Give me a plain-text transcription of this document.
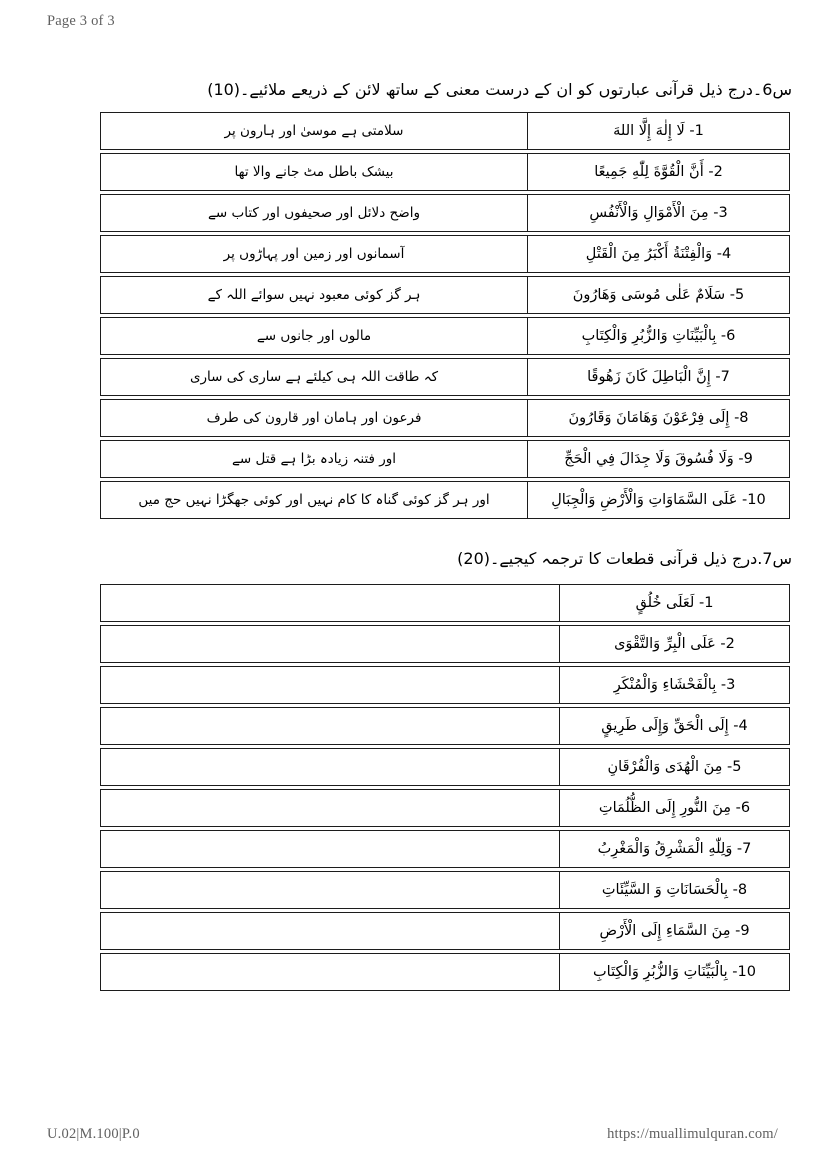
Page 3 of 3
س6۔درج ذیل قرآنی عبارتوں کو ان کے درست معنی کے ساتھ لائن کے ذریعے ملائیے۔(10)
سلامتی ہے موسیٰ اور ہارون پر	1- لَا إِلٰهَ إِلَّا اللهَ
بیشک باطل مٹ جانے والا تھا	2- أَنَّ الْقُوَّةَ لِلّٰهِ جَمِيعًا
واضح دلائل اور صحیفوں اور کتاب سے	3- مِنَ الْأَمْوَالِ وَالْأَنْفُسِ
آسمانوں اور زمین اور پہاڑوں پر	4- وَالْفِتْنَةُ أَكْبَرُ مِنَ الْقَتْلِ
ہر گز کوئی معبود نہیں سوائے اللہ کے	5- سَلَامٌ عَلٰى مُوسَى وَهَارُونَ
مالوں اور جانوں سے	6- بِالْبَيِّنَاتِ وَالزُّبُرِ وَالْكِتَابِ
کہ طاقت اللہ ہی کیلئے ہے ساری کی ساری	7- إِنَّ الْبَاطِلَ كَانَ زَهُوقًا
فرعون اور ہامان اور قارون کی طرف	8- إِلَى فِرْعَوْنَ وَهَامَانَ وَقَارُونَ
اور فتنہ زیادہ بڑا ہے قتل سے	9- وَلَا فُسُوقَ وَلَا جِدَالَ فِي الْحَجِّ
اور ہر گز کوئی گناہ کا کام نہیں اور کوئی جھگڑا نہیں حج میں	10- عَلَى السَّمَاوَاتِ وَالْأَرْضِ وَالْجِبَالِ
س7.درج ذیل قرآنی قطعات کا ترجمہ کیجیے۔(20)
1- لَعَلَى خُلُقٍ
2- عَلَى الْبِرِّ وَالتَّقْوَى
3- بِالْفَحْشَاءِ وَالْمُنْكَرِ
4- إِلَى الْحَقِّ وَإِلَى طَرِيقٍ
5- مِنَ الْهُدَى وَالْفُرْقَانِ
6- مِنَ النُّورِ إِلَى الظُّلُمَاتِ
7- وَلِلّٰهِ الْمَشْرِقُ وَالْمَغْرِبُ
8- بِالْحَسَانَاتِ وَ السَّيِّئَاتِ
9- مِنَ السَّمَاءِ إِلَى الْأَرْضِ
10- بِالْبَيِّنَاتِ وَالزُّبُرِ وَالْكِتَابِ
U.02|M.100|P.0	https://muallimulquran.com/
